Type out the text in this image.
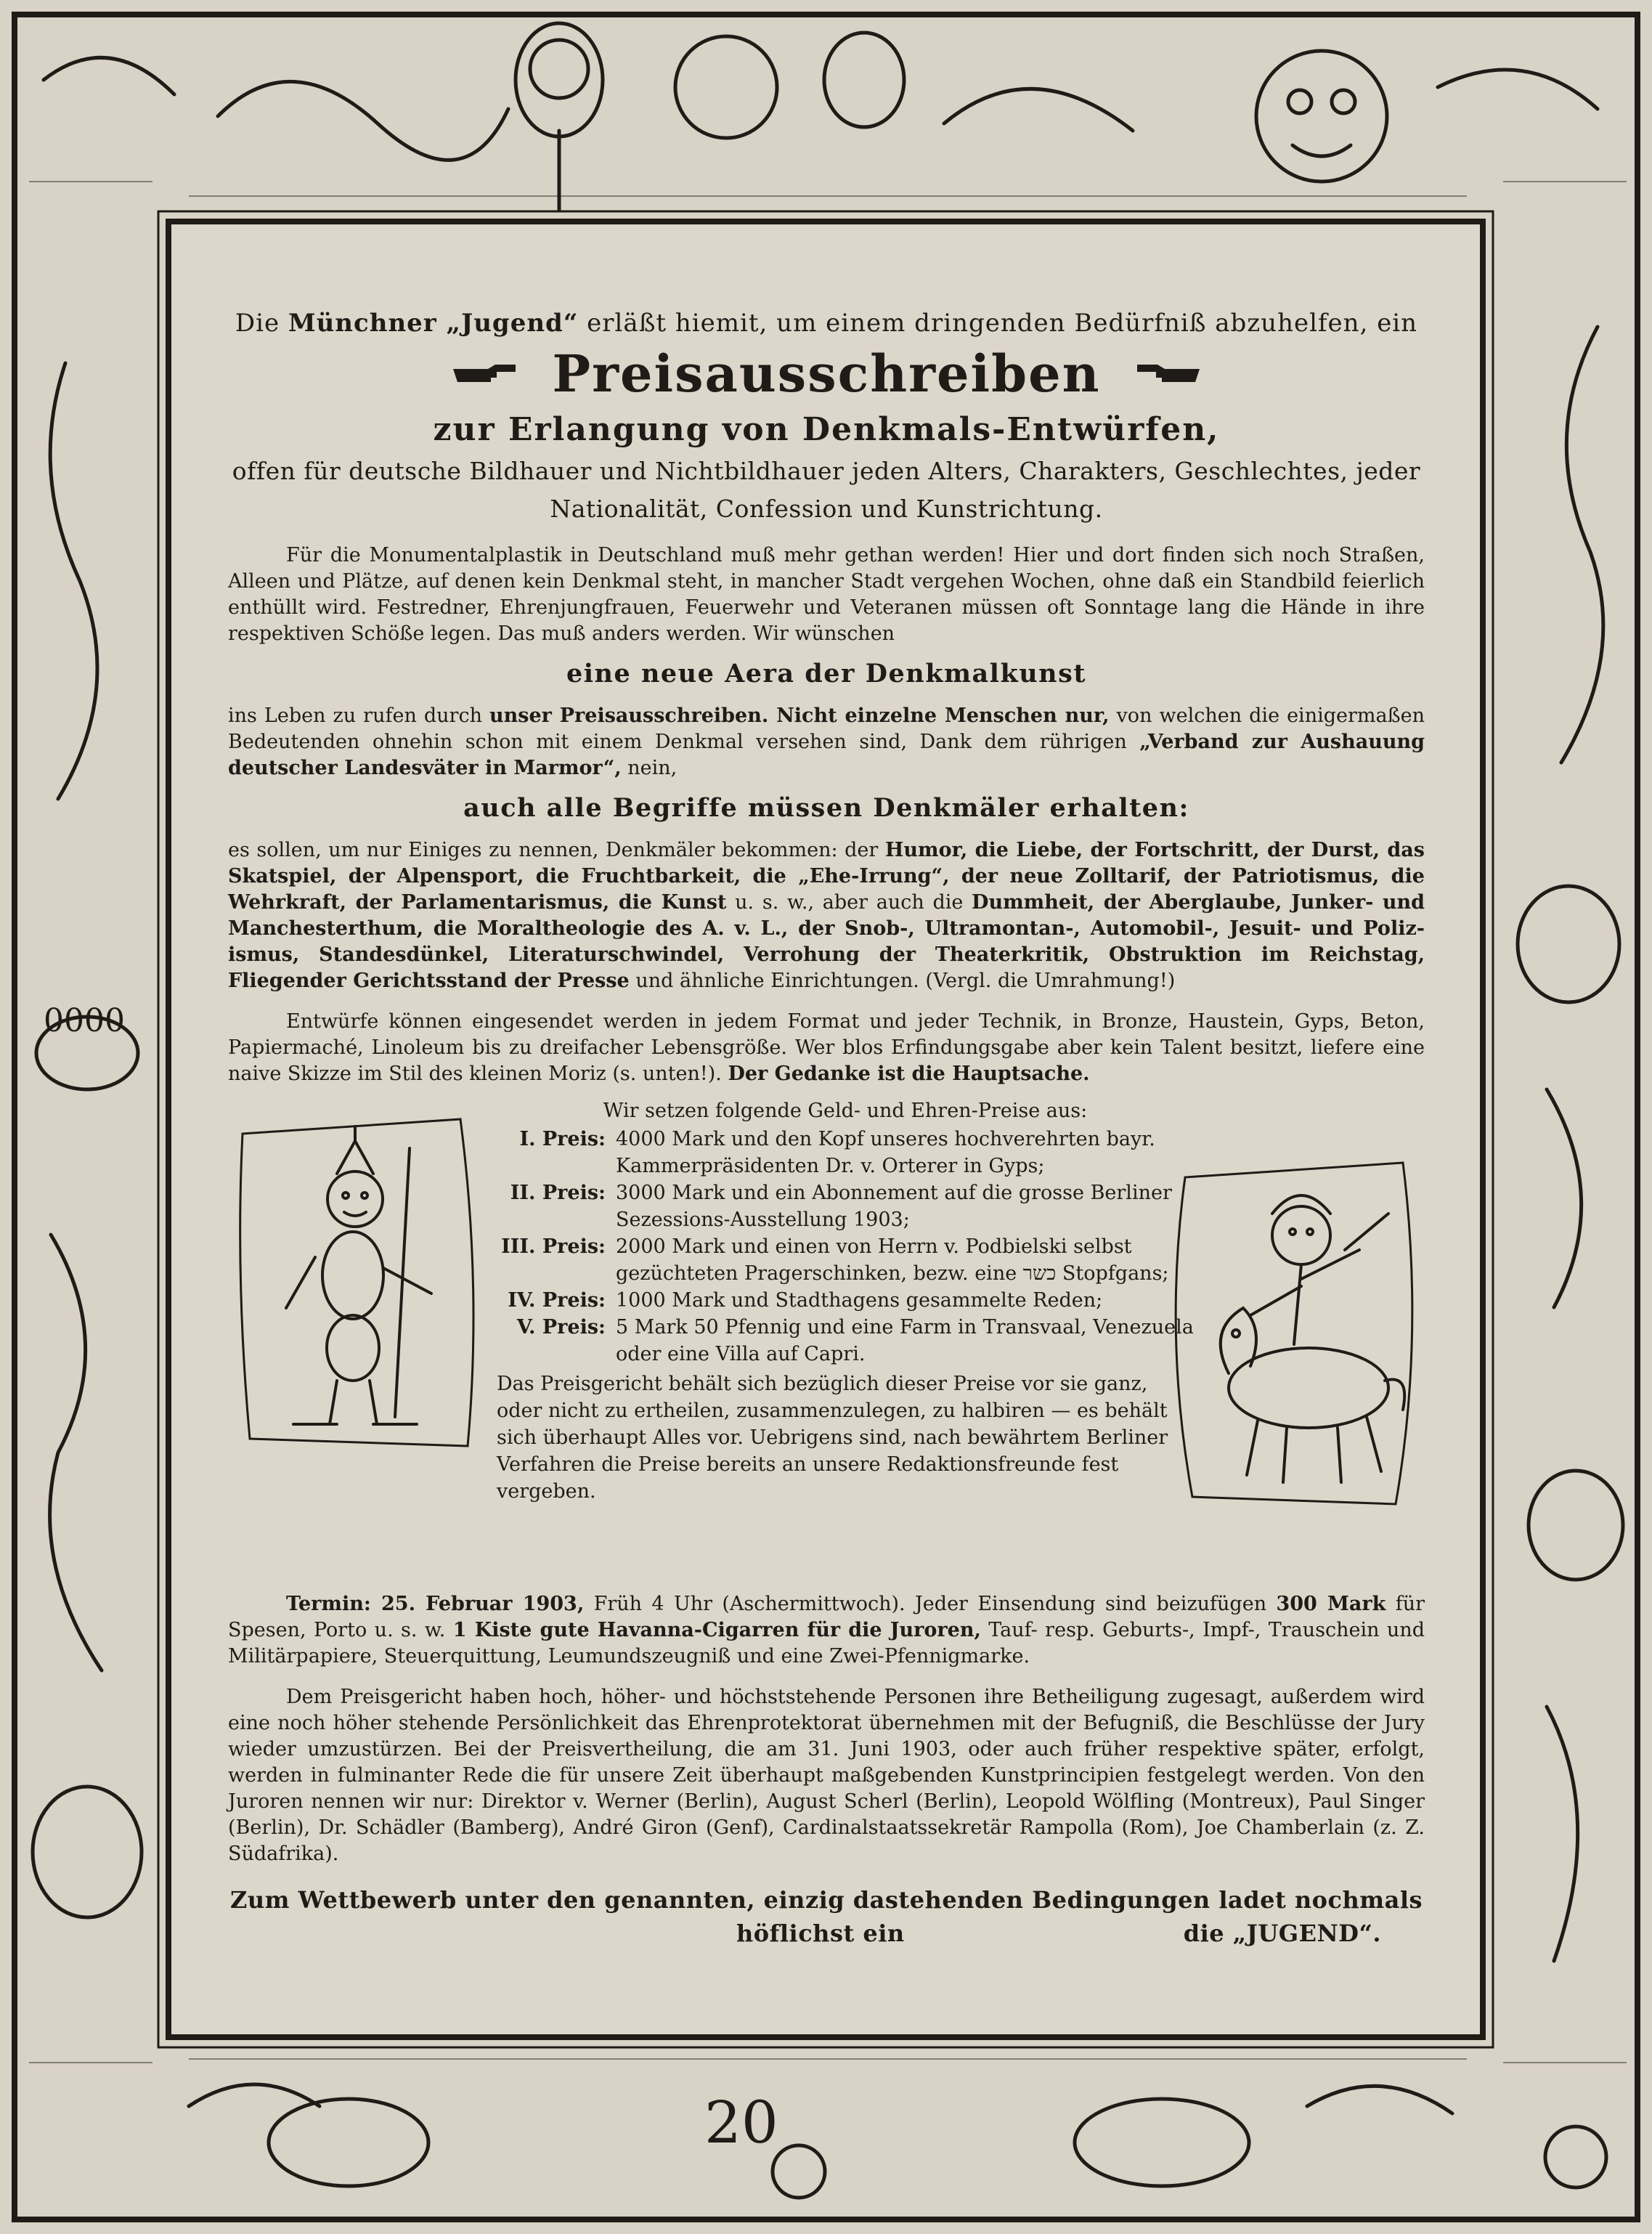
0000
20

Die Münchner „Jugend“ erläßt hiemit, um einem dringenden Bedürfniß abzuhelfen, ein

Preisausschreiben

zur Erlangung von Denkmals-Entwürfen,

offen für deutsche Bildhauer und Nichtbildhauer jeden Alters, Charakters, Geschlechtes, jeder Nationalität, Confession und Kunstrichtung.

Für die Monumentalplastik in Deutschland muß mehr gethan werden! Hier und dort finden sich noch Straßen, Alleen und Plätze, auf denen kein Denkmal steht, in mancher Stadt vergehen Wochen, ohne daß ein Standbild feierlich enthüllt wird. Festredner, Ehrenjungfrauen, Feuerwehr und Veteranen müssen oft Sonntage lang die Hände in ihre respektiven Schöße legen. Das muß anders werden. Wir wünschen

eine neue Aera der Denkmalkunst

ins Leben zu rufen durch unser Preisausschreiben. Nicht einzelne Menschen nur, von welchen die einigermaßen Bedeutenden ohnehin schon mit einem Denkmal versehen sind, Dank dem rührigen „Verband zur Aushauung deutscher Landesväter in Marmor“, nein,

auch alle Begriffe müssen Denkmäler erhalten:

es sollen, um nur Einiges zu nennen, Denkmäler bekommen: der Humor, die Liebe, der Fortschritt, der Durst, das Skatspiel, der Alpensport, die Fruchtbarkeit, die „Ehe-Irrung“, der neue Zolltarif, der Patriotismus, die Wehrkraft, der Parlamentarismus, die Kunst u. s. w., aber auch die Dummheit, der Aberglaube, Junker- und Manchesterthum, die Moraltheologie des A. v. L., der Snob-, Ultramontan-, Automobil-, Jesuit- und Poliz-ismus, Standesdünkel, Literaturschwindel, Verrohung der Theaterkritik, Obstruktion im Reichstag, Fliegender Gerichtsstand der Presse und ähnliche Einrichtungen. (Vergl. die Umrahmung!)

Entwürfe können eingesendet werden in jedem Format und jeder Technik, in Bronze, Haustein, Gyps, Beton, Papiermaché, Linoleum bis zu dreifacher Lebensgröße. Wer blos Erfindungsgabe aber kein Talent besitzt, liefere eine naive Skizze im Stil des kleinen Moriz (s. unten!). Der Gedanke ist die Hauptsache.

Wir setzen folgende Geld- und Ehren-Preise aus:

I. Preis: 4000 Mark und den Kopf unseres hochverehrten bayr. Kammerpräsidenten Dr. v. Orterer in Gyps;
II. Preis: 3000 Mark und ein Abonnement auf die grosse Berliner Sezessions-Ausstellung 1903;
III. Preis: 2000 Mark und einen von Herrn v. Podbielski selbst gezüchteten Pragerschinken, bezw. eine כשר Stopfgans;
IV. Preis: 1000 Mark und Stadthagens gesammelte Reden;
V. Preis: 5 Mark 50 Pfennig und eine Farm in Transvaal, Venezuela oder eine Villa auf Capri.

Das Preisgericht behält sich bezüglich dieser Preise vor sie ganz, oder nicht zu ertheilen, zusammenzulegen, zu halbiren — es behält sich überhaupt Alles vor. Uebrigens sind, nach bewährtem Berliner Verfahren die Preise bereits an unsere Redaktionsfreunde fest vergeben.

Termin: 25. Februar 1903, Früh 4 Uhr (Aschermittwoch). Jeder Einsendung sind beizufügen 300 Mark für Spesen, Porto u. s. w. 1 Kiste gute Havanna-Cigarren für die Juroren, Tauf- resp. Geburts-, Impf-, Trauschein und Militärpapiere, Steuerquittung, Leumundszeugniß und eine Zwei-Pfennigmarke.

Dem Preisgericht haben hoch, höher- und höchststehende Personen ihre Betheiligung zugesagt, außerdem wird eine noch höher stehende Persönlichkeit das Ehrenprotektorat übernehmen mit der Befugniß, die Beschlüsse der Jury wieder umzustürzen. Bei der Preisvertheilung, die am 31. Juni 1903, oder auch früher respektive später, erfolgt, werden in fulminanter Rede die für unsere Zeit überhaupt maßgebenden Kunstprincipien festgelegt werden. Von den Juroren nennen wir nur: Direktor v. Werner (Berlin), August Scherl (Berlin), Leopold Wölfling (Montreux), Paul Singer (Berlin), Dr. Schädler (Bamberg), André Giron (Genf), Cardinalstaatssekretär Rampolla (Rom), Joe Chamberlain (z. Z. Südafrika).

Zum Wettbewerb unter den genannten, einzig dastehenden Bedingungen ladet nochmals
höflichst ein	die „JUGEND“.
